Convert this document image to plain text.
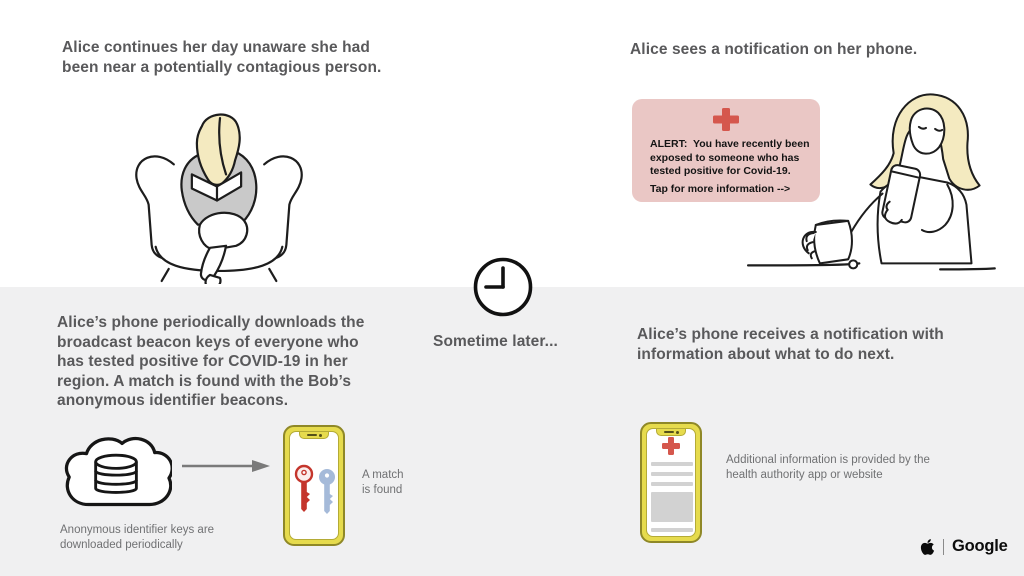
Alice continues her day unaware she had
been near a potentially contagious person.
Alice sees a notification on her phone.
ALERT:  You have recently been exposed to someone who has tested positive for Covid-19.
Tap for more information -->
Sometime later...
Alice’s phone periodically downloads the
broadcast beacon keys of everyone who
has tested positive for COVID-19 in her
region. A match is found with the Bob’s
anonymous identifier beacons.
Anonymous identifier keys are
downloaded periodically
A match
is found
Alice’s phone receives a notification with
information about what to do next.
Additional information is provided by the
health authority app or website
Google
